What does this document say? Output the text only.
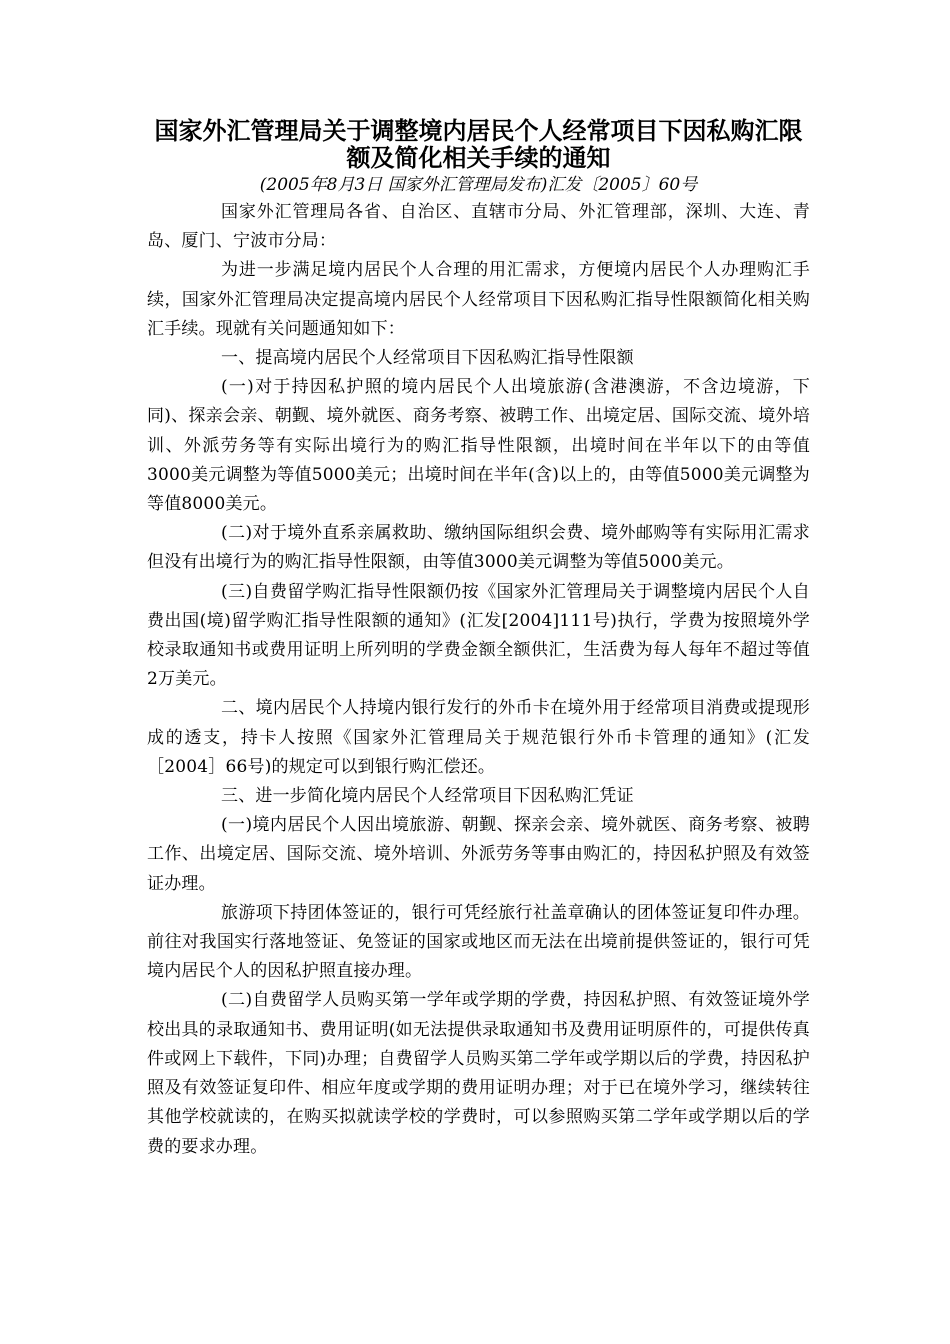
国家外汇管理局关于调整境内居民个人经常项目下因私购汇限额及简化相关手续的通知
(2005年8月3日 国家外汇管理局发布)汇发〔2005〕60号

国家外汇管理局各省、自治区、直辖市分局、外汇管理部，深圳、大连、青岛、厦门、宁波市分局：

为进一步满足境内居民个人合理的用汇需求，方便境内居民个人办理购汇手续，国家外汇管理局决定提高境内居民个人经常项目下因私购汇指导性限额简化相关购汇手续。现就有关问题通知如下：

一、提高境内居民个人经常项目下因私购汇指导性限额

(一)对于持因私护照的境内居民个人出境旅游(含港澳游，不含边境游，下同)、探亲会亲、朝觐、境外就医、商务考察、被聘工作、出境定居、国际交流、境外培训、外派劳务等有实际出境行为的购汇指导性限额，出境时间在半年以下的由等值3000美元调整为等值5000美元；出境时间在半年(含)以上的，由等值5000美元调整为等值8000美元。

(二)对于境外直系亲属救助、缴纳国际组织会费、境外邮购等有实际用汇需求但没有出境行为的购汇指导性限额，由等值3000美元调整为等值5000美元。

(三)自费留学购汇指导性限额仍按《国家外汇管理局关于调整境内居民个人自费出国(境)留学购汇指导性限额的通知》(汇发[2004]111号)执行，学费为按照境外学校录取通知书或费用证明上所列明的学费金额全额供汇，生活费为每人每年不超过等值2万美元。

二、境内居民个人持境内银行发行的外币卡在境外用于经常项目消费或提现形成的透支，持卡人按照《国家外汇管理局关于规范银行外币卡管理的通知》(汇发［2004］66号)的规定可以到银行购汇偿还。

三、进一步简化境内居民个人经常项目下因私购汇凭证

(一)境内居民个人因出境旅游、朝觐、探亲会亲、境外就医、商务考察、被聘工作、出境定居、国际交流、境外培训、外派劳务等事由购汇的，持因私护照及有效签证办理。

旅游项下持团体签证的，银行可凭经旅行社盖章确认的团体签证复印件办理。前往对我国实行落地签证、免签证的国家或地区而无法在出境前提供签证的，银行可凭境内居民个人的因私护照直接办理。

(二)自费留学人员购买第一学年或学期的学费，持因私护照、有效签证境外学校出具的录取通知书、费用证明(如无法提供录取通知书及费用证明原件的，可提供传真件或网上下载件，下同)办理；自费留学人员购买第二学年或学期以后的学费，持因私护照及有效签证复印件、相应年度或学期的费用证明办理；对于已在境外学习，继续转往其他学校就读的，在购买拟就读学校的学费时，可以参照购买第二学年或学期以后的学费的要求办理。
